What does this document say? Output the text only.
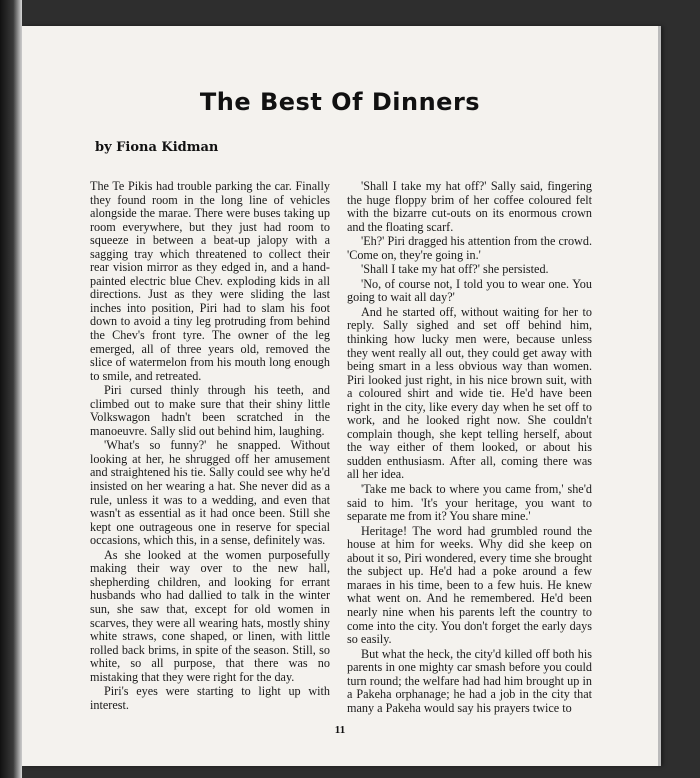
The Best Of Dinners
by Fiona Kidman

The Te Pikis had trouble parking the car. Finally they found room in the long line of vehicles alongside the marae. There were buses taking up room everywhere, but they just had room to squeeze in between a beat-up jalopy with a sagging tray which threatened to collect their rear vision mirror as they edged in, and a hand-painted electric blue Chev. exploding kids in all directions. Just as they were sliding the last inches into position, Piri had to slam his foot down to avoid a tiny leg protruding from behind the Chev's front tyre. The owner of the leg emerged, all of three years old, removed the slice of watermelon from his mouth long enough to smile, and retreated.

Piri cursed thinly through his teeth, and climbed out to make sure that their shiny little Volkswagon hadn't been scratched in the manoeuvre. Sally slid out behind him, laughing.

'What's so funny?' he snapped. Without looking at her, he shrugged off her amusement and straightened his tie. Sally could see why he'd insisted on her wearing a hat. She never did as a rule, unless it was to a wedding, and even that wasn't as essential as it had once been. Still she kept one outrageous one in reserve for special occasions, which this, in a sense, definitely was.

As she looked at the women purposefully making their way over to the new hall, shepherding children, and looking for errant husbands who had dallied to talk in the winter sun, she saw that, except for old women in scarves, they were all wearing hats, mostly shiny white straws, cone shaped, or linen, with little rolled back brims, in spite of the season. Still, so white, so all purpose, that there was no mistaking that they were right for the day.

Piri's eyes were starting to light up with interest.

'Shall I take my hat off?' Sally said, fingering the huge floppy brim of her coffee coloured felt with the bizarre cut-outs on its enormous crown and the floating scarf.

'Eh?' Piri dragged his attention from the crowd. 'Come on, they're going in.'

'Shall I take my hat off?' she persisted.

'No, of course not, I told you to wear one. You going to wait all day?'

And he started off, without waiting for her to reply. Sally sighed and set off behind him, thinking how lucky men were, because unless they went really all out, they could get away with being smart in a less obvious way than women. Piri looked just right, in his nice brown suit, with a coloured shirt and wide tie. He'd have been right in the city, like every day when he set off to work, and he looked right now. She couldn't complain though, she kept telling herself, about the way either of them looked, or about his sudden enthusiasm. After all, coming there was all her idea.

'Take me back to where you came from,' she'd said to him. 'It's your heritage, you want to separate me from it? You share mine.'

Heritage! The word had grumbled round the house at him for weeks. Why did she keep on about it so, Piri wondered, every time she brought the subject up. He'd had a poke around a few maraes in his time, been to a few huis. He knew what went on. And he remembered. He'd been nearly nine when his parents left the country to come into the city. You don't forget the early days so easily.

But what the heck, the city'd killed off both his parents in one mighty car smash before you could turn round; the welfare had had him brought up in a Pakeha orphanage; he had a job in the city that many a Pakeha would say his prayers twice to

11
